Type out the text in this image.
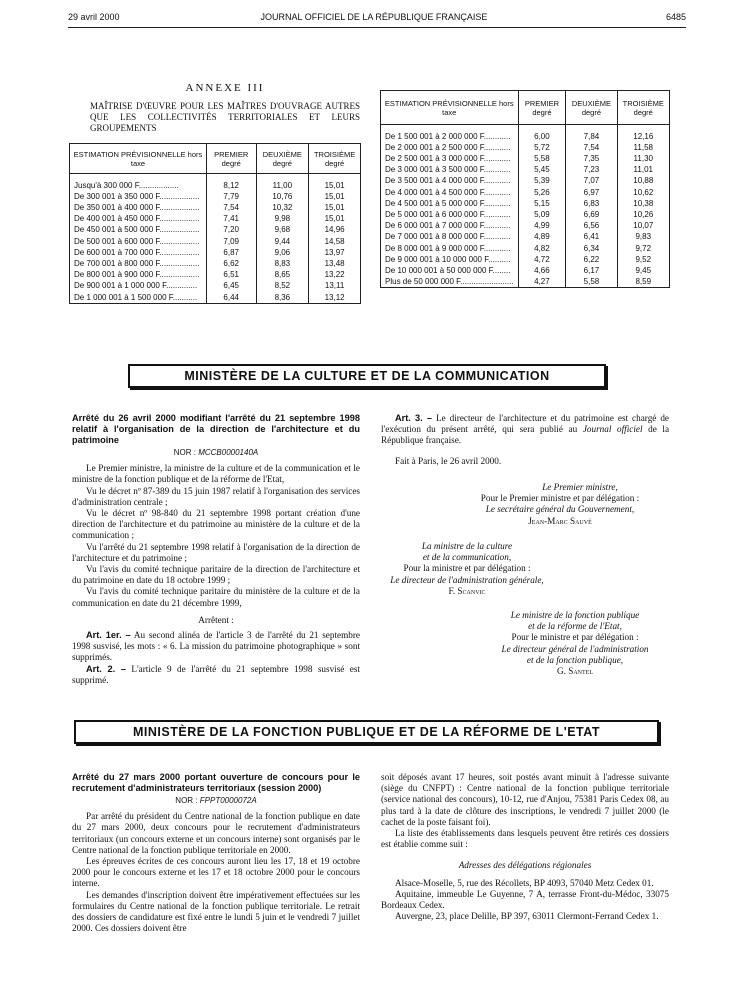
29 avril 2000	JOURNAL OFFICIEL DE LA RÉPUBLIQUE FRANÇAISE	6485
ANNEXE III
MAÎTRISE D'ŒUVRE POUR LES MAÎTRES D'OUVRAGE AUTRES QUE LES COLLECTIVITÉS TERRITORIALES ET LEURS GROUPEMENTS
ESTIMATION PRÉVISIONNELLE hors taxe	PREMIER degré	DEUXIÈME degré	TROISIÈME degré

Jusqu'à 300 000 F..................	8,12	11,00	15,01
De 300 001 à 350 000 F..................	7,79	10,76	15,01
De 350 001 à 400 000 F..................	7,54	10,32	15,01
De 400 001 à 450 000 F..................	7,41	9,98	15,01
De 450 001 à 500 000 F..................	7,20	9,68	14,96
De 500 001 à 600 000 F..................	7,09	9,44	14,58
De 600 001 à 700 000 F..................	6,87	9,06	13,97
De 700 001 à 800 000 F..................	6,62	8,83	13,48
De 800 001 à 900 000 F..................	6,51	8,65	13,22
De 900 001 à 1 000 000 F..............	6,45	8,52	13,11
De 1 000 001 à 1 500 000 F...........	6,44	8,36	13,12
ESTIMATION PRÉVISIONNELLE hors taxe	PREMIER degré	DEUXIÈME degré	TROISIÈME degré

De 1 500 001 à 2 000 000 F............	6,00	7,84	12,16
De 2 000 001 à 2 500 000 F............	5,72	7,54	11,58
De 2 500 001 à 3 000 000 F............	5,58	7,35	11,30
De 3 000 001 à 3 500 000 F............	5,45	7,23	11,01
De 3 500 001 à 4 000 000 F............	5,39	7,07	10,88
De 4 000 001 à 4 500 000 F............	5,26	6,97	10,62
De 4 500 001 à 5 000 000 F............	5,15	6,83	10,38
De 5 000 001 à 6 000 000 F............	5,09	6,69	10,26
De 6 000 001 à 7 000 000 F............	4,99	6,56	10,07
De 7 000 001 à 8 000 000 F............	4,89	6,41	9,83
De 8 000 001 à 9 000 000 F............	4,82	6,34	9,72
De 9 000 001 à 10 000 000 F..........	4,72	6,22	9,52
De 10 000 001 à 50 000 000 F........	4,66	6,17	9,45
Plus de 50 000 000 F........................	4,27	5,58	8,59
MINISTÈRE DE LA CULTURE ET DE LA COMMUNICATION
Arrêté du 26 avril 2000 modifiant l'arrêté du 21 septembre 1998 relatif à l'organisation de la direction de l'architecture et du patrimoine
NOR : MCCB0000140A

Le Premier ministre, la ministre de la culture et de la communication et le ministre de la fonction publique et de la réforme de l'Etat,

Vu le décret nº 87-389 du 15 juin 1987 relatif à l'organisation des services d'administration centrale ;

Vu le décret nº 98-840 du 21 septembre 1998 portant création d'une direction de l'architecture et du patrimoine au ministère de la culture et de la communication ;

Vu l'arrêté du 21 septembre 1998 relatif à l'organisation de la direction de l'architecture et du patrimoine ;

Vu l'avis du comité technique paritaire de la direction de l'architecture et du patrimoine en date du 18 octobre 1999 ;

Vu l'avis du comité technique paritaire du ministère de la culture et de la communication en date du 21 décembre 1999,

Arrêtent :

Art. 1er. – Au second alinéa de l'article 3 de l'arrêté du 21 septembre 1998 susvisé, les mots : « 6. La mission du patrimoine photographique » sont supprimés.

Art. 2. – L'article 9 de l'arrêté du 21 septembre 1998 susvisé est supprimé.

Art. 3. – Le directeur de l'architecture et du patrimoine est chargé de l'exécution du présent arrêté, qui sera publié au Journal officiel de la République française.

Fait à Paris, le 26 avril 2000.

Le Premier ministre,
Pour le Premier ministre et par délégation :
Le secrétaire général du Gouvernement,
Jean-Marc Sauvé
La ministre de la culture
et de la communication,
Pour la ministre et par délégation :
Le directeur de l'administration générale,
F. Scanvic
Le ministre de la fonction publique
et de la réforme de l'Etat,
Pour le ministre et par délégation :
Le directeur général de l'administration
et de la fonction publique,
G. Santel
MINISTÈRE DE LA FONCTION PUBLIQUE ET DE LA RÉFORME DE L'ETAT
Arrêté du 27 mars 2000 portant ouverture de concours pour le recrutement d'administrateurs territoriaux (session 2000)
NOR : FPPT0000072A

Par arrêté du président du Centre national de la fonction publique en date du 27 mars 2000, deux concours pour le recrutement d'administrateurs territoriaux (un concours externe et un concours interne) sont organisés par le Centre national de la fonction publique territoriale en 2000.

Les épreuves écrites de ces concours auront lieu les 17, 18 et 19 octobre 2000 pour le concours externe et les 17 et 18 octobre 2000 pour le concours interne.

Les demandes d'inscription doivent être impérativement effectuées sur les formulaires du Centre national de la fonction publique territoriale. Le retrait des dossiers de candidature est fixé entre le lundi 5 juin et le vendredi 7 juillet 2000. Ces dossiers doivent être

soit déposés avant 17 heures, soit postés avant minuit à l'adresse suivante (siège du CNFPT) : Centre national de la fonction publique territoriale (service national des concours), 10-12, rue d'Anjou, 75381 Paris Cedex 08, au plus tard à la date de clôture des inscriptions, le vendredi 7 juillet 2000 (le cachet de la poste faisant foi).

La liste des établissements dans lesquels peuvent être retirés ces dossiers est établie comme suit :

Adresses des délégations régionales

Alsace-Moselle, 5, rue des Récollets, BP 4093, 57040 Metz Cedex 01.

Aquitaine, immeuble Le Guyenne, 7 A, terrasse Front-du-Médoc, 33075 Bordeaux Cedex.

Auvergne, 23, place Delille, BP 397, 63011 Clermont-Ferrand Cedex 1.
